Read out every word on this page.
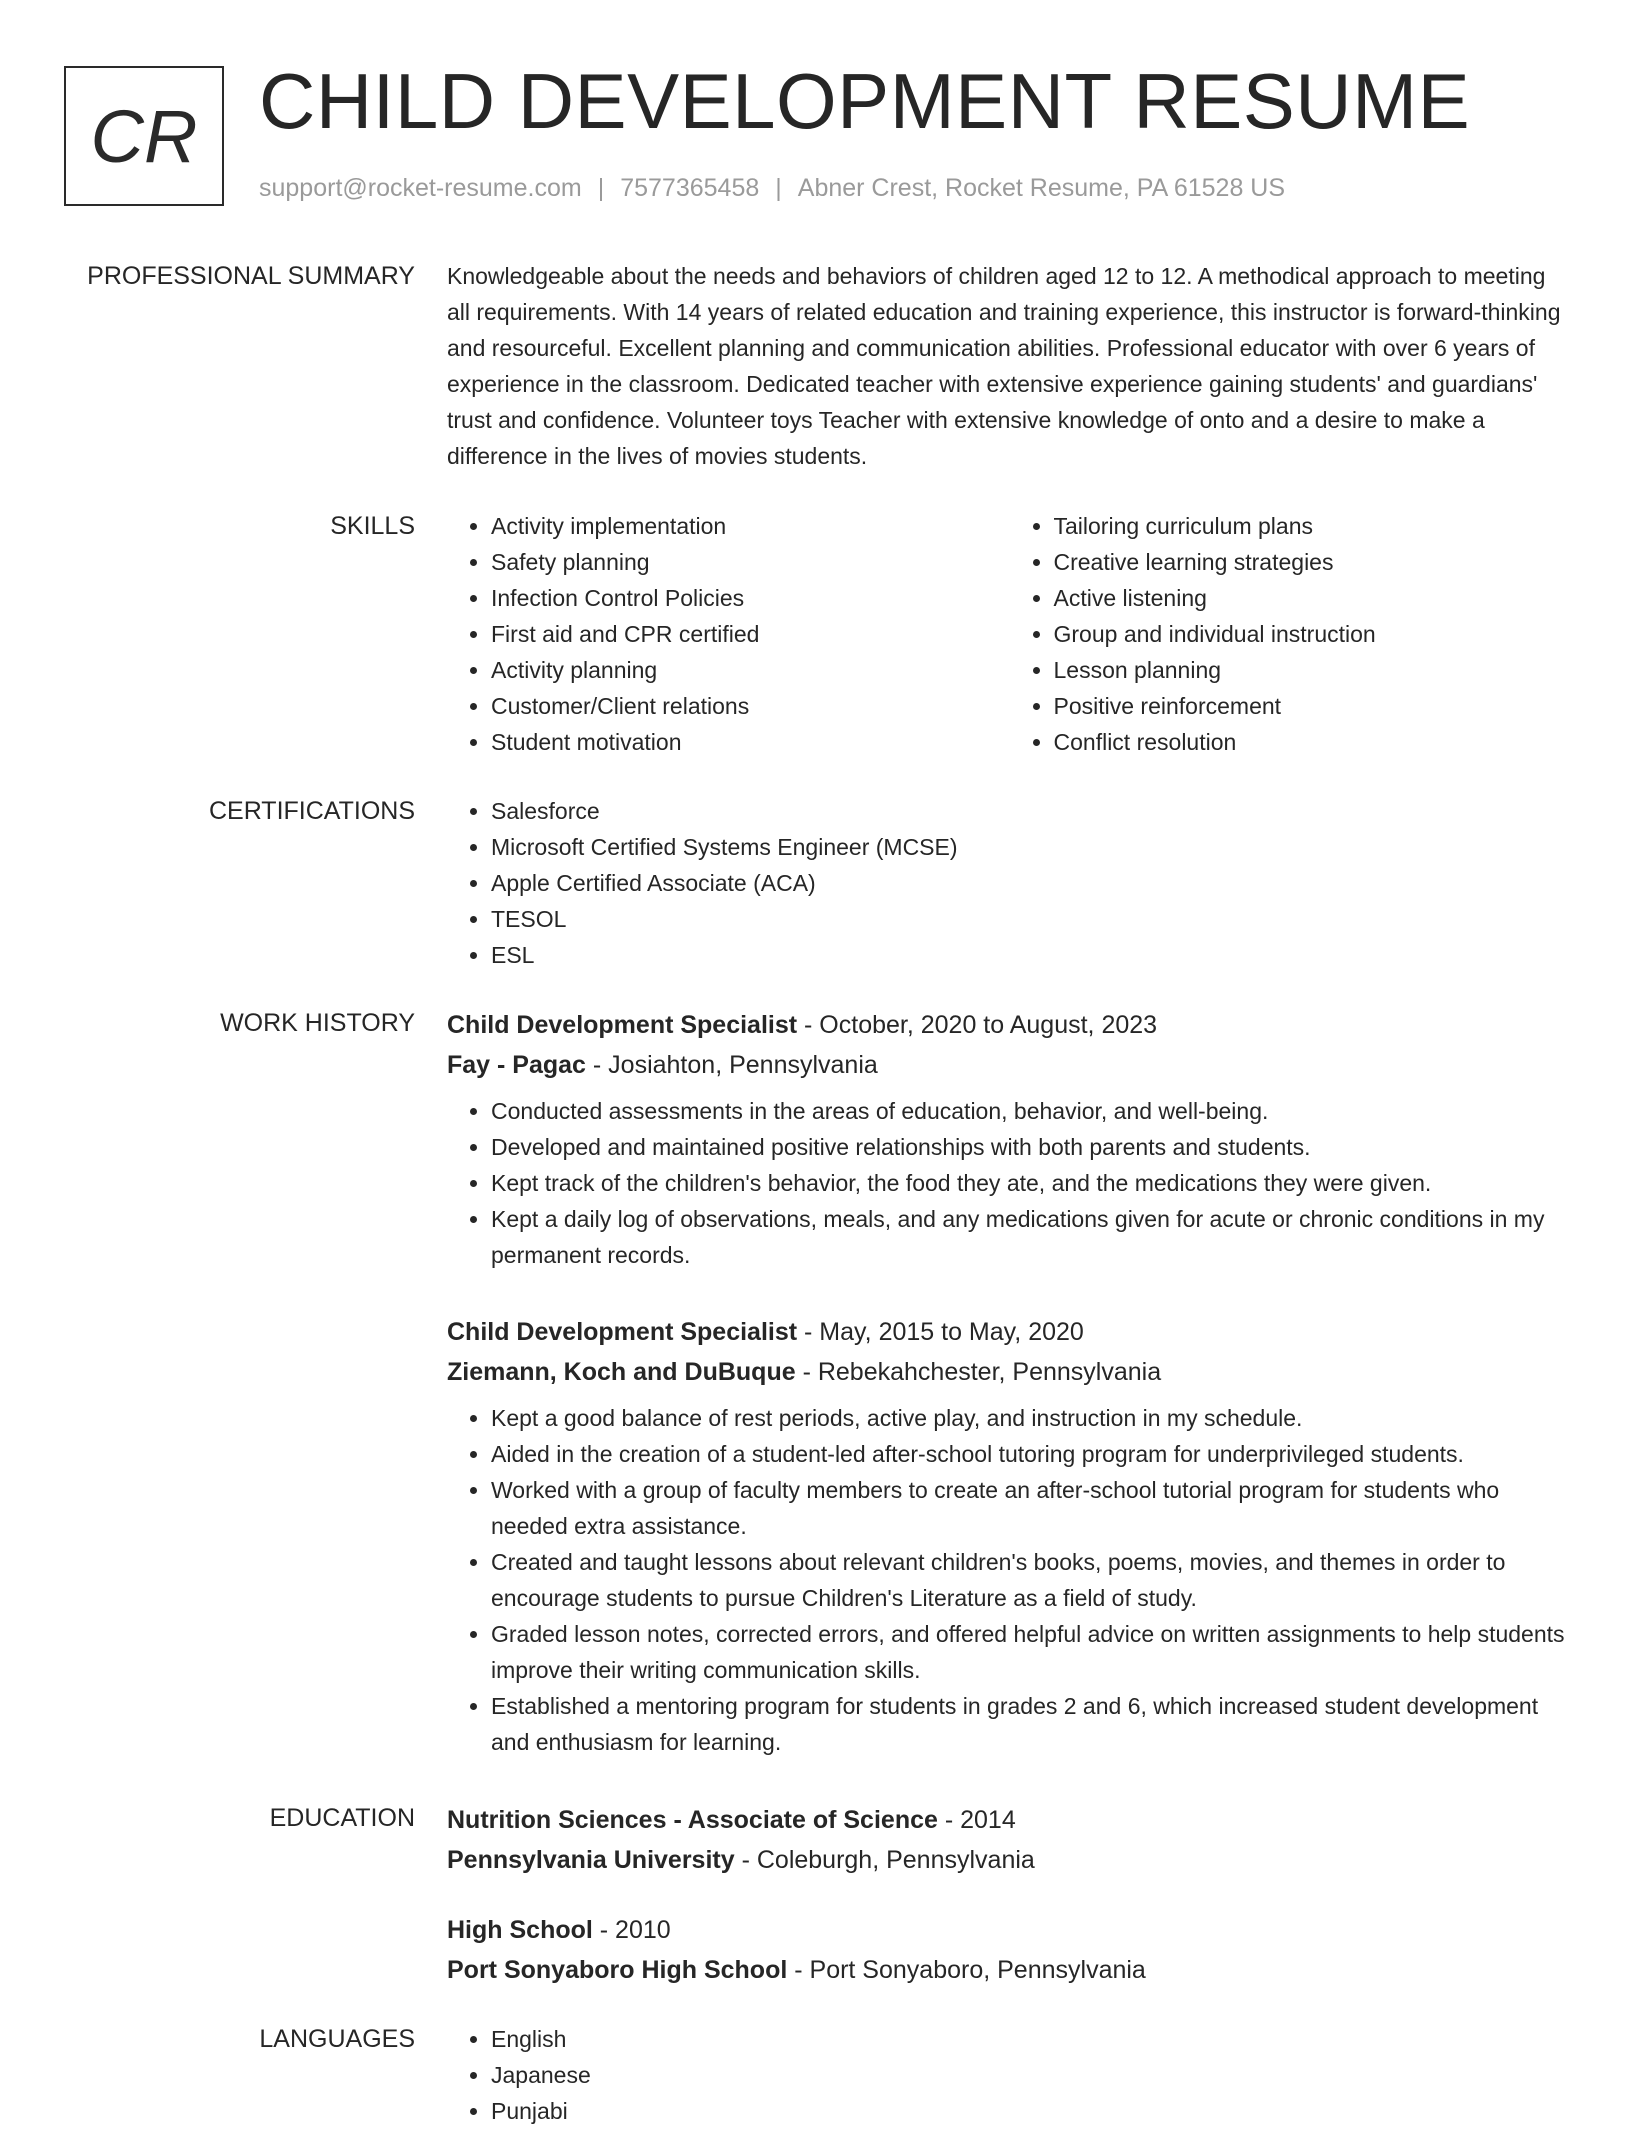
CR CHILD DEVELOPMENT RESUME
support@rocket-resume.com | 7577365458 | Abner Crest, Rocket Resume, PA 61528 US
PROFESSIONAL SUMMARY Knowledgeable about the needs and behaviors of children aged 12 to 12. A methodical approach to meeting all requirements. With 14 years of related education and training experience, this instructor is forward-thinking and resourceful. Excellent planning and communication abilities. Professional educator with over 6 years of experience in the classroom. Dedicated teacher with extensive experience gaining students' and guardians' trust and confidence. Volunteer toys Teacher with extensive knowledge of onto and a desire to make a difference in the lives of movies students.

SKILLS	• Activity implementation
• Safety planning
• Infection Control Policies
• First aid and CPR certified
• Activity planning
• Customer/Client relations
• Student motivation
• Tailoring curriculum plans
• Creative learning strategies
• Active listening
• Group and individual instruction
• Lesson planning
• Positive reinforcement
• Conflict resolution
CERTIFICATIONS	• Salesforce
• Microsoft Certified Systems Engineer (MCSE)
• Apple Certified Associate (ACA)
• TESOL
• ESL
WORK HISTORY Child Development Specialist - October, 2020 to August, 2023
Fay - Pagac - Josiahton, Pennsylvania
• Conducted assessments in the areas of education, behavior, and well-being.
• Developed and maintained positive relationships with both parents and students.
• Kept track of the children's behavior, the food they ate, and the medications they were given.
• Kept a daily log of observations, meals, and any medications given for acute or chronic conditions in my permanent records.
Child Development Specialist - May, 2015 to May, 2020
Ziemann, Koch and DuBuque - Rebekahchester, Pennsylvania
• Kept a good balance of rest periods, active play, and instruction in my schedule.
• Aided in the creation of a student-led after-school tutoring program for underprivileged students.
• Worked with a group of faculty members to create an after-school tutorial program for students who needed extra assistance.
• Created and taught lessons about relevant children's books, poems, movies, and themes in order to encourage students to pursue Children's Literature as a field of study.
• Graded lesson notes, corrected errors, and offered helpful advice on written assignments to help students improve their writing communication skills.
• Established a mentoring program for students in grades 2 and 6, which increased student development and enthusiasm for learning.
EDUCATION Nutrition Sciences - Associate of Science - 2014
Pennsylvania University - Coleburgh, Pennsylvania
High School - 2010
Port Sonyaboro High School - Port Sonyaboro, Pennsylvania
LANGUAGES	• English
• Japanese
• Punjabi
